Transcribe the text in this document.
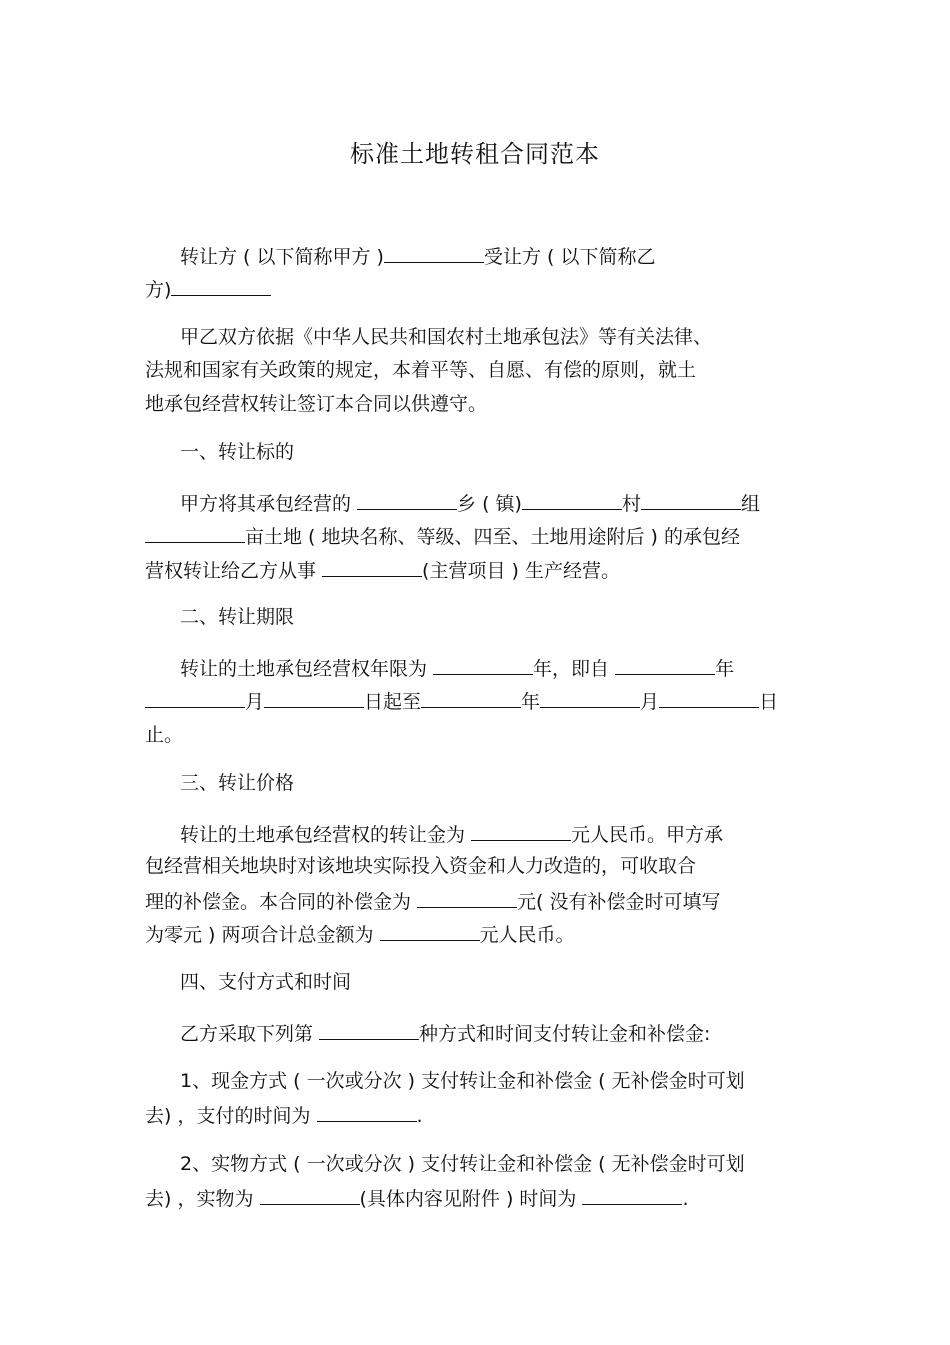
标准土地转租合同范本
转让方 ( 以下简称甲方 )	受让方 ( 以下简称乙
方)
甲乙双方依据《中华人民共和国农村土地承包法》等有关法律、
法规和国家有关政策的规定，本着平等、自愿、有偿的原则，就土
地承包经营权转让签订本合同以供遵守。
一、转让标的
甲方将其承包经营的	乡 ( 镇)	村	组
亩土地 ( 地块名称、等级、四至、土地用途附后 ) 的承包经
营权转让给乙方从事	(主营项目 ) 生产经营。
二、转让期限
转让的土地承包经营权年限为	年，即自	年
月	日起至	年	月	日
止。
三、转让价格
转让的土地承包经营权的转让金为	元人民币。甲方承
包经营相关地块时对该地块实际投入资金和人力改造的，可收取合
理的补偿金。本合同的补偿金为	元( 没有补偿金时可填写
为零元 ) 两项合计总金额为	元人民币。
四、支付方式和时间
乙方采取下列第	种方式和时间支付转让金和补偿金:
1、现金方式 ( 一次或分次 ) 支付转让金和补偿金 ( 无补偿金时可划
去) ，支付的时间为	.
2、实物方式 ( 一次或分次 ) 支付转让金和补偿金 ( 无补偿金时可划
去) ，实物为	(具体内容见附件 ) 时间为	.
